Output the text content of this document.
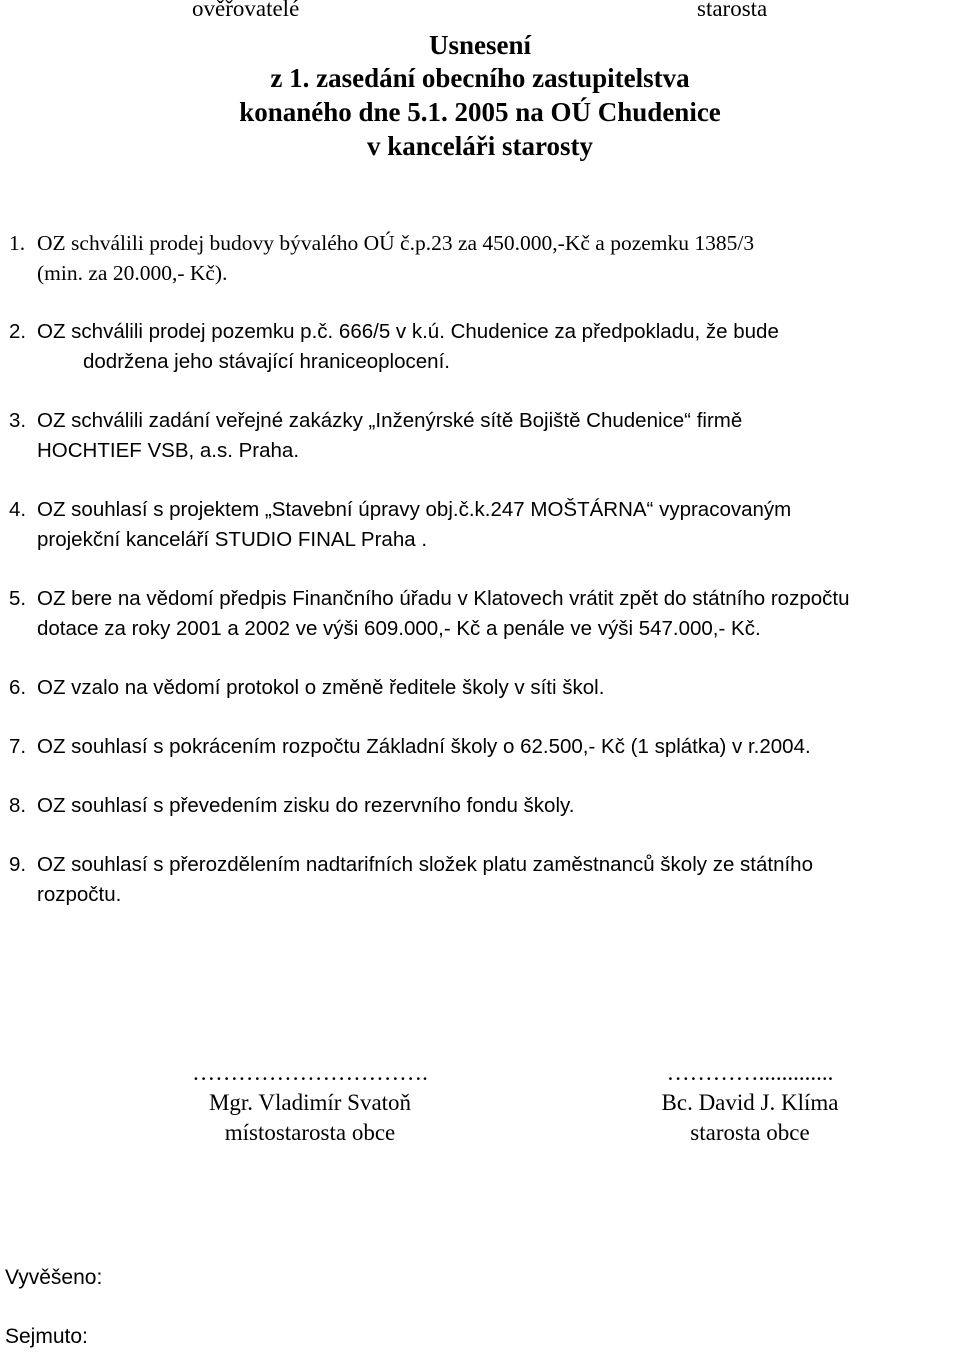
ověřovatelé	starosta
Usnesení
z 1. zasedání obecního zastupitelstva
konaného dne 5.1. 2005 na OÚ Chudenice
v kanceláři starosty
1. OZ schválili prodej budovy bývalého OÚ č.p.23 za 450.000,-Kč a pozemku 1385/3
(min. za 20.000,- Kč).
2. OZ schválili prodej pozemku p.č. 666/5 v k.ú. Chudenice za předpokladu, že bude
dodržena jeho stávající hraniceoplocení.
3. OZ schválili zadání veřejné zakázky „Inženýrské sítě Bojiště Chudenice“ firmě
HOCHTIEF VSB, a.s. Praha.
4. OZ souhlasí s projektem „Stavební úpravy obj.č.k.247 MOŠTÁRNA“ vypracovaným
projekční kanceláří STUDIO FINAL Praha .
5. OZ bere na vědomí předpis Finančního úřadu v Klatovech vrátit zpět do státního rozpočtu
dotace za roky 2001 a 2002 ve výši 609.000,- Kč a penále ve výši 547.000,- Kč.
6. OZ vzalo na vědomí protokol o změně ředitele školy v síti škol.
7. OZ souhlasí s pokrácením rozpočtu Základní školy o 62.500,- Kč (1 splátka) v r.2004.
8. OZ souhlasí s převedením zisku do rezervního fondu školy.
9. OZ souhlasí s přerozdělením nadtarifních složek platu zaměstnanců školy ze státního
rozpočtu.
………………………….
Mgr. Vladimír Svatoň
místostarosta obce
………….............
Bc. David J. Klíma
starosta obce
Vyvěšeno:
Sejmuto:
